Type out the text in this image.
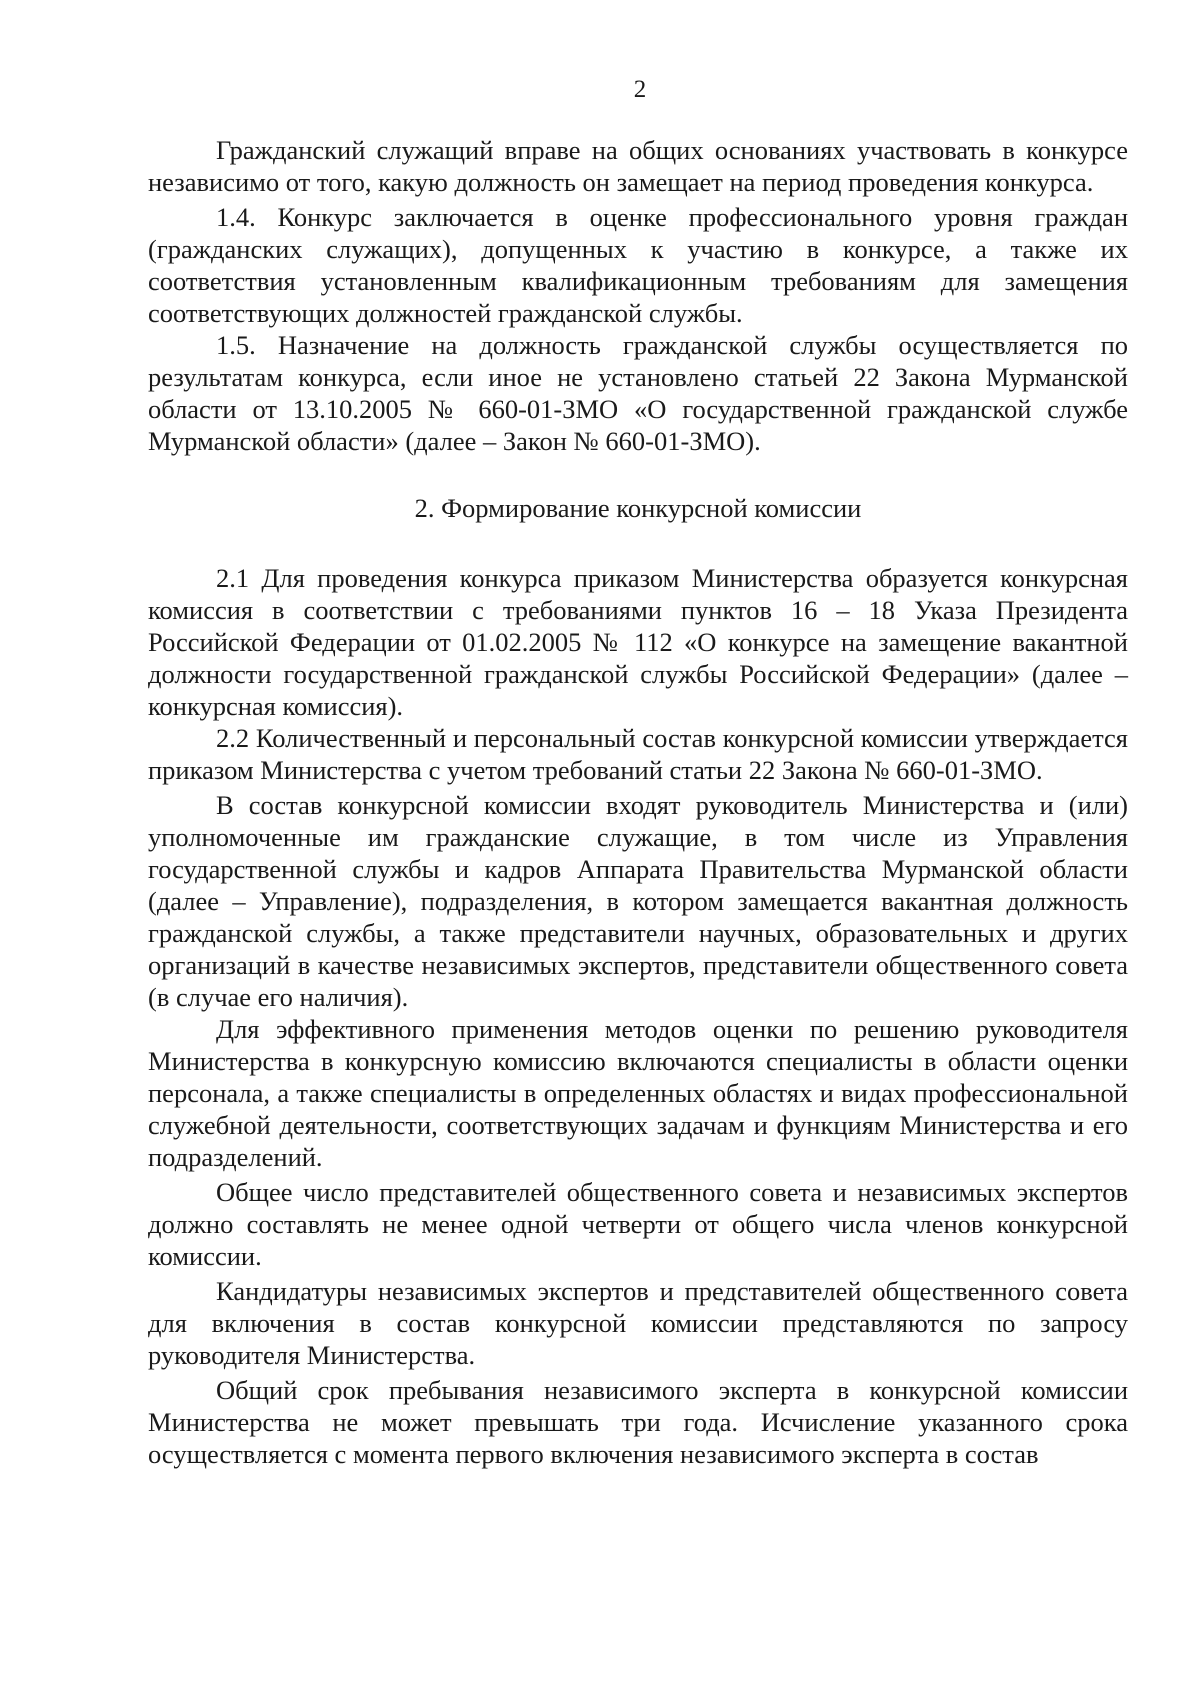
2

Гражданский служащий вправе на общих основаниях участвовать в конкурсе независимо от того, какую должность он замещает на период проведения конкурса.

1.4. Конкурс заключается в оценке профессионального уровня граждан (гражданских служащих), допущенных к участию в конкурсе, а также их соответствия установленным квалификационным требованиям для замещения соответствующих должностей гражданской службы.

1.5. Назначение на должность гражданской службы осуществляется по результатам конкурса, если иное не установлено статьей 22 Закона Мурманской области от 13.10.2005 № 660-01-ЗМО «О государственной гражданской службе Мурманской области» (далее – Закон № 660-01-ЗМО).

2. Формирование конкурсной комиссии

2.1 Для проведения конкурса приказом Министерства образуется конкурсная комиссия в соответствии с требованиями пунктов 16 – 18 Указа Президента Российской Федерации от 01.02.2005 № 112 «О конкурсе на замещение вакантной должности государственной гражданской службы Российской Федерации» (далее – конкурсная комиссия).

2.2 Количественный и персональный состав конкурсной комиссии утверждается приказом Министерства с учетом требований статьи 22 Закона № 660-01-ЗМО.

В состав конкурсной комиссии входят руководитель Министерства и (или) уполномоченные им гражданские служащие, в том числе из Управления государственной службы и кадров Аппарата Правительства Мурманской области (далее – Управление), подразделения, в котором замещается вакантная должность гражданской службы, а также представители научных, образовательных и других организаций в качестве независимых экспертов, представители общественного совета (в случае его наличия).

Для эффективного применения методов оценки по решению руководителя Министерства в конкурсную комиссию включаются специалисты в области оценки персонала, а также специалисты в определенных областях и видах профессиональной служебной деятельности, соответствующих задачам и функциям Министерства и его подразделений.

Общее число представителей общественного совета и независимых экспертов должно составлять не менее одной четверти от общего числа членов конкурсной комиссии.

Кандидатуры независимых экспертов и представителей общественного совета для включения в состав конкурсной комиссии представляются по запросу руководителя Министерства.

Общий срок пребывания независимого эксперта в конкурсной комиссии Министерства не может превышать три года. Исчисление указанного срока осуществляется с момента первого включения независимого эксперта в состав
